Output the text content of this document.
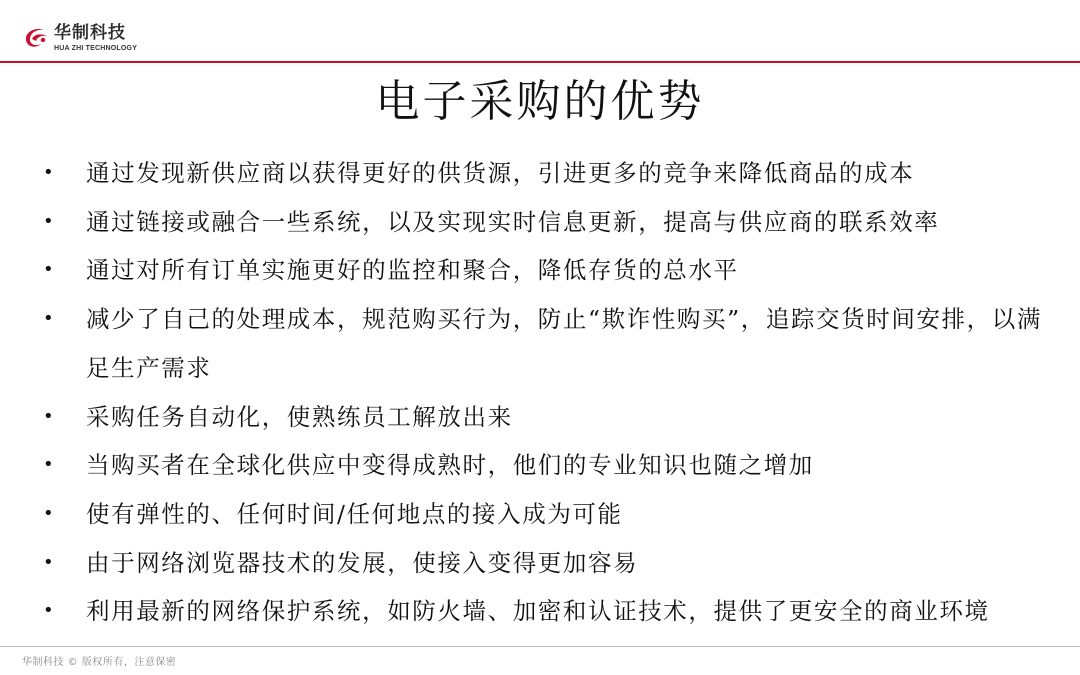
华制科技
HUA ZHI TECHNOLOGY
电子采购的优势
•	通过发现新供应商以获得更好的供货源，引进更多的竞争来降低商品的成本
•	通过链接或融合一些系统，以及实现实时信息更新，提高与供应商的联系效率
•	通过对所有订单实施更好的监控和聚合，降低存货的总水平
•	减少了自己的处理成本，规范购买行为，防止“欺诈性购买”，追踪交货时间安排，以满足生产需求
•	采购任务自动化，使熟练员工解放出来
•	当购买者在全球化供应中变得成熟时，他们的专业知识也随之增加
•	使有弹性的、任何时间/任何地点的接入成为可能
•	由于网络浏览器技术的发展，使接入变得更加容易
•	利用最新的网络保护系统，如防火墙、加密和认证技术，提供了更安全的商业环境
华制科技 © 版权所有，注意保密
